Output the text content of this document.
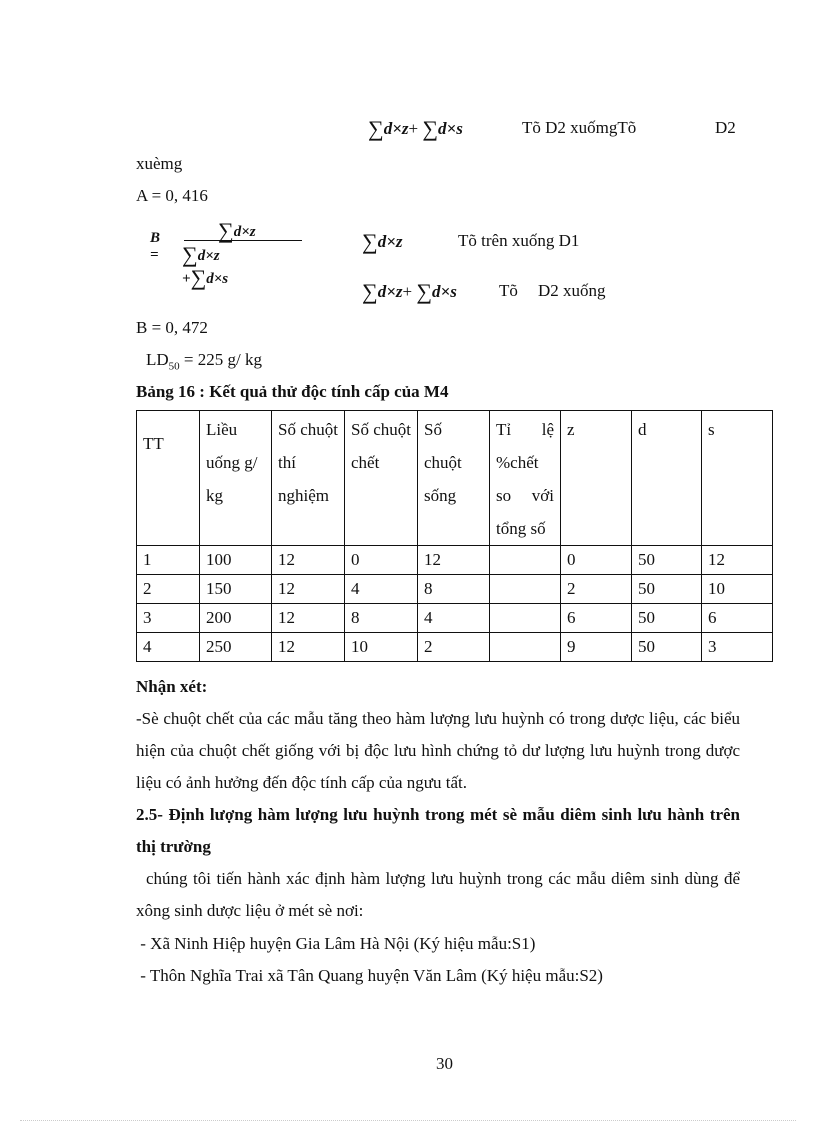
∑d×z+ ∑d×s	Tõ D2 xuốmgTõ	D2
xuèmg
A = 0, 416
B =
∑d×z
∑d×z +∑d×s
∑d×z	Tõ trên xuống D1
∑d×z+ ∑d×s Tõ D2 xuống
B = 0, 472
$LD_{50} = 225$ g/ kg
Bảng 16 : Kết quả thử độc tính cấp của M4
TT	Liều uống g/ kg	Số chuột thí nghiệm	Số chuột chết	Số chuột sống	Tỉ lệ %chết so với tổng số	z	d	s
1	100	12	0	12		0	50	12
2	150	12	4	8		2	50	10
3	200	12	8	4		6	50	6
4	250	12	10	2		9	50	3
Nhận xét:
-Sè chuột chết của các mẫu tăng theo hàm lượng lưu huỳnh có trong dược liệu, các biểu hiện của chuột chết giống với bị độc lưu hình chứng tỏ dư lượng lưu huỳnh trong dược liệu có ảnh hưởng đến độc tính cấp của ngưu tất.
2.5- Định lượng hàm lượng lưu huỳnh trong mét sè mẫu diêm sinh lưu hành trên thị trường
chúng tôi tiến hành xác định hàm lượng lưu huỳnh trong các mẫu diêm sinh dùng để xông sinh dược liệu ở mét sè nơi:
- Xã Ninh Hiệp huyện Gia Lâm Hà Nội (Ký hiệu mẫu:S1)
- Thôn Nghĩa Trai xã Tân Quang huyện Văn Lâm (Ký hiệu mẫu:S2)
30
